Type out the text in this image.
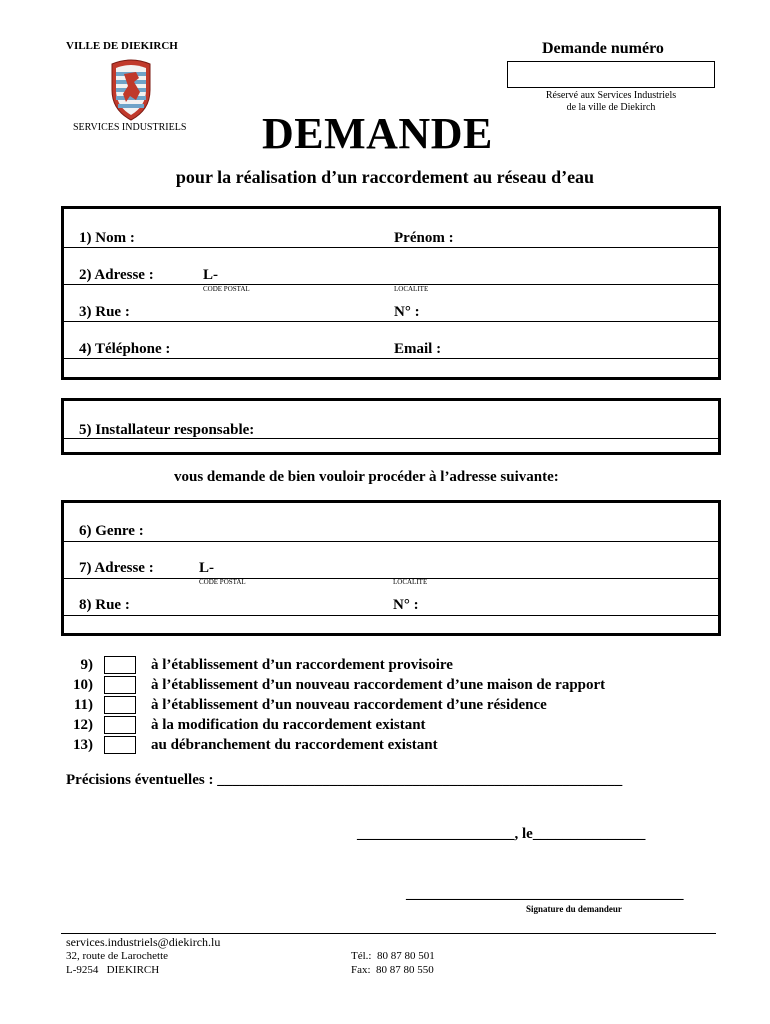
VILLE DE DIEKIRCH
SERVICES INDUSTRIELS
Demande numéro
Réservé aux Services Industriels
de la ville de Diekirch
DEMANDE
pour la réalisation d’un raccordement au réseau d’eau
1) Nom :	Prénom :
2) Adresse :	L-
CODE POSTAL	LOCALITE
3) Rue :	N° :
4) Téléphone :	Email :
5) Installateur responsable:
vous demande de bien vouloir procéder à l’adresse suivante:
6) Genre :
7) Adresse :	L-
CODE POSTAL	LOCALITE
8) Rue :	N° :
9)	à l’établissement d’un raccordement provisoire
10)	à l’établissement d’un nouveau raccordement d’une maison de rapport
11)	à l’établissement d’un nouveau raccordement d’une résidence
12)	à la modification du raccordement existant
13)	au débranchement du raccordement existant
Précisions éventuelles : ______________________________________________________
_____________________, le_______________
_____________________________________
Signature du demandeur
services.industriels@diekirch.lu
32, route de Larochette
L-9254   DIEKIRCH
Tél.:  80 87 80 501
Fax:  80 87 80 550
